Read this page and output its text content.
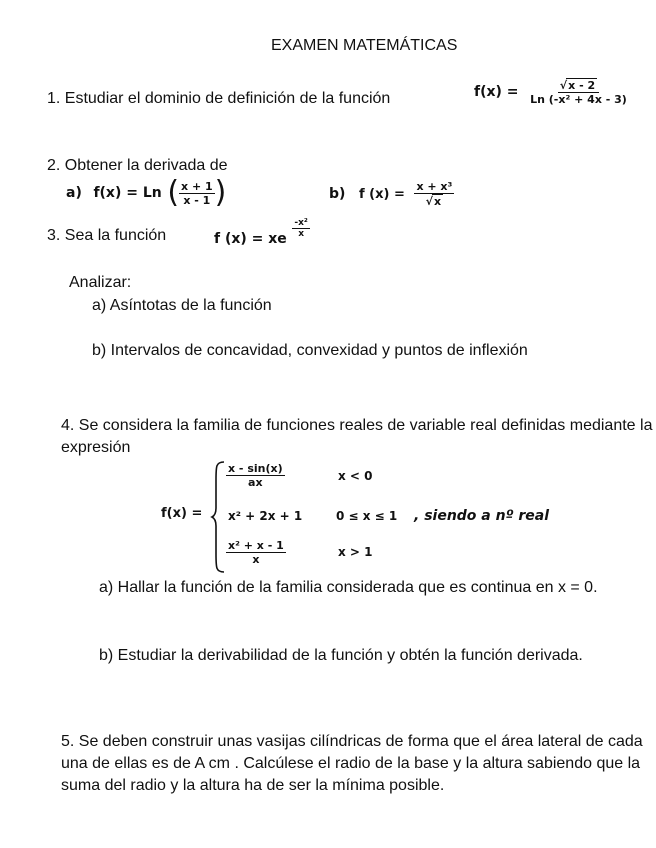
EXAMEN MATEMÁTICAS
1. Estudiar el dominio de definición de la función	$f(x) = \frac{√x - 2}{\text{Ln (-x² + 4x - 3)}}$
2. Obtener la derivada de
a) f(x) = Ln ( $\frac{x + 1}{x - 1}$ )	b) f $(x) = \frac{\text{x + x³}}{√x}$
3. Sea la función	f (x) = xe $\frac{\text{-x²}}{x}$
Analizar:
a) Asíntotas de la función
b) Intervalos de concavidad, convexidad y puntos de inflexión
4. Se considera la familia de funciones reales de variable real definidas mediante la expresión
f(x) =
$\frac{x - \sin(x)}{ax}$	x < 0
x² + 2x + 1	0 ≤ x ≤ 1 , siendo a nº real
$\frac{\text{x² + x - 1}}{x}$	x > 1
a) Hallar la función de la familia considerada que es continua en x = 0.
b) Estudiar la derivabilidad de la función y obtén la función derivada.
5. Se deben construir unas vasijas cilíndricas de forma que el área lateral de cada una de ellas es de A cm . Calcúlese el radio de la base y la altura sabiendo que la suma del radio y la altura ha de ser la mínima posible.
